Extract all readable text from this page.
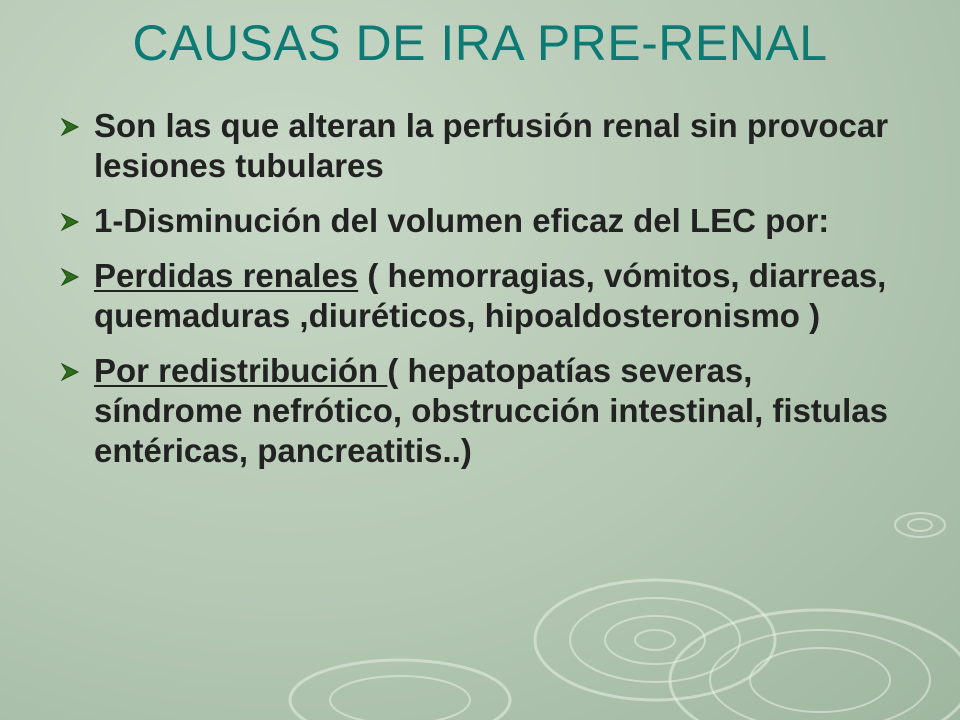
CAUSAS DE IRA PRE-RENAL
Son las que alteran la perfusión renal sin provocar lesiones tubulares
1-Disminución del volumen eficaz del LEC por:
Perdidas renales ( hemorragias, vómitos, diarreas, quemaduras ,diuréticos, hipoaldosteronismo )
Por redistribución ( hepatopatías severas, síndrome nefrótico, obstrucción intestinal, fistulas entéricas, pancreatitis..)
